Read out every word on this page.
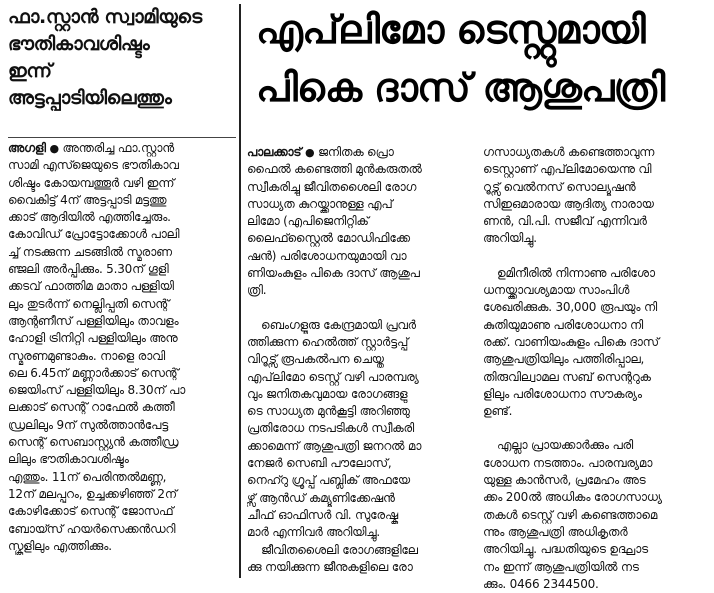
ഫാ.സ്റ്റാൻ സ്വാമിയുടെ
ഭൗതികാവശിഷ്ടം
ഇന്ന്
അട്ടപ്പാടിയിലെത്തും
അഗളി ● അന്തരിച്ച ഫാ.സ്റ്റാൻ
സാമി എസ്ജെയുടെ ഭൗതികാവ
ശിഷ്ടം കോയമ്പത്തൂർ വഴി ഇന്ന്
വൈകിട്ട് 4ന് അട്ടപ്പാടി മട്ടത്തു
ക്കാട് ആദിയിൽ എത്തിച്ചേരും.
കോവിഡ് പ്രോട്ടോക്കോൾ പാലി
ച്ച് നടക്കുന്ന ചടങ്ങിൽ സ്മരാ‌ണ
ഞ്ജലി അർപ്പിക്കും. 5.30ന് ഗൂളി
ക്കടവ് ഫാത്തിമ മാതാ പള്ളിയി
ലും തുടർന്ന് നെല്ലിപ്പതി സെന്റ്
ആന്റണീസ് പള്ളിയിലും താവളം
ഹോളി ട്രിനിറ്റി പള്ളിയിലും അനു
സ്മരണമുണ്ടാകും. നാളെ രാവി
ലെ 6.45ന് മണ്ണാർക്കാട് സെന്റ്
ജെയിംസ് പള്ളിയിലും 8.30ന് പാ
ലക്കാട് സെന്റ് റാഫേൽ കത്തീ
ഡ്രലിലും 9ന് സുൽത്താൻപേട്ട
സെന്റ് സെബാസ്റ്റ്യൻ കത്തീഡ്ര
ലിലും ഭൗതികാവശിഷ്ടം
എത്തും. 11ന് പെരിന്തൽമണ്ണ,
12ന് മലപ്പുറം, ഉച്ചക്കഴിഞ്ഞ് 2ന്
കോഴിക്കോട് സെന്റ് ജോസഫ്
ബോയ്സ് ഹയർസെക്കൻഡറി
സ്കൂളിലും എത്തിക്കും.
എപ്‌ലിമോ ടെസ്റ്റുമായി
പികെ ദാസ് ആശുപത്രി
പാലക്കാട് ● ജനിതക പ്രൊ
ഫൈൽ കണ്ടെത്തി മുൻകരുതൽ
സ്വീകരിച്ചു ജീവിതശൈലി രോഗ
സാധ്യത കുറയ്ക്കാനുള്ള എപ്
ലിമോ (എപിജെനിറ്റിക്
ലൈഫ്സ്റ്റൈൽ മോഡിഫിക്കേ
ഷൻ) പരിശോധനയുമായി വാ
ണിയംകുളം പികെ ദാസ് ആശുപ
ത്രി.
ബെംഗളൂരു കേന്ദ്രമായി പ്രവർ
ത്തിക്കുന്ന ഹെൽത്ത് സ്റ്റാർട്ടപ്പ്
വിറൂട്സ് രൂപകൽപന ചെയ്ത
എപ്‌ലിമോ ടെസ്റ്റ് വഴി പാരമ്പര്യ
വും ജനിതകവുമായ രോഗങ്ങളു
ടെ സാധ്യത മുൻകൂട്ടി അറിഞ്ഞു
പ്രതിരോധ നടപടികൾ സ്വീകരി
ക്കാമെന്ന് ആശുപത്രി ജനറൽ മാ
നേജർ സെബി പൗലോസ്,
നെഹ്റു ഗ്രൂപ്പ് പബ്ലിക് അഫയേ
ഴ്സ് ആൻഡ് കമ്യൂണിക്കേഷൻ
ചീഫ് ഓഫിസർ വി. സുരേഷ്കു
മാർ എന്നിവർ അറിയിച്ചു.
ജീവിതശൈലി രോഗങ്ങളിലേ
ക്കു നയിക്കുന്ന ജീനുകളിലെ രോ
ഗസാധ്യതകൾ കണ്ടെത്താവുന്ന
ടെസ്റ്റാണ് എപ്‌ലിമോയെന്നു വി
റൂട്സ് വെൽനസ് സൊല്യൂഷൻ
സിഇഒമാരായ ആദിത്യ നാരായ
ണൻ, വി.പി. സജീവ് എന്നിവർ
അറിയിച്ചു.
ഉമിനീരിൽ നിന്നാണു പരിശോ
ധനയ്ക്കാവശ്യമായ സാംപിൾ
ശേഖരിക്കുക. 30,000 രൂപയും നി
കുതിയുമാണു പരിശോധനാ നി
രക്ക്. വാണിയംകുളം പികെ ദാസ്
ആശുപത്രിയിലും പത്തിരിപ്പാല,
തിരുവില്വാമല സബ് സെന്ററുക
ളിലും പരിശോധനാ സൗകര്യം
ഉണ്ട്.
എല്ലാ പ്രായക്കാർക്കും പരി
ശോധന നടത്താം. പാരമ്പര്യമാ
യുള്ള കാൻസർ, പ്രമേഹം അട
ക്കം 200ൽ അധികം രോഗസാധ്യ
തകൾ ടെസ്റ്റ് വഴി കണ്ടെത്താമെ
ന്നും ആശുപത്രി അധികൃതർ
അറിയിച്ചു. പദ്ധതിയുടെ ഉദ്ഘാട
നം ഇന്ന് ആശുപത്രിയിൽ നട
ക്കും. 0466 2344500.
